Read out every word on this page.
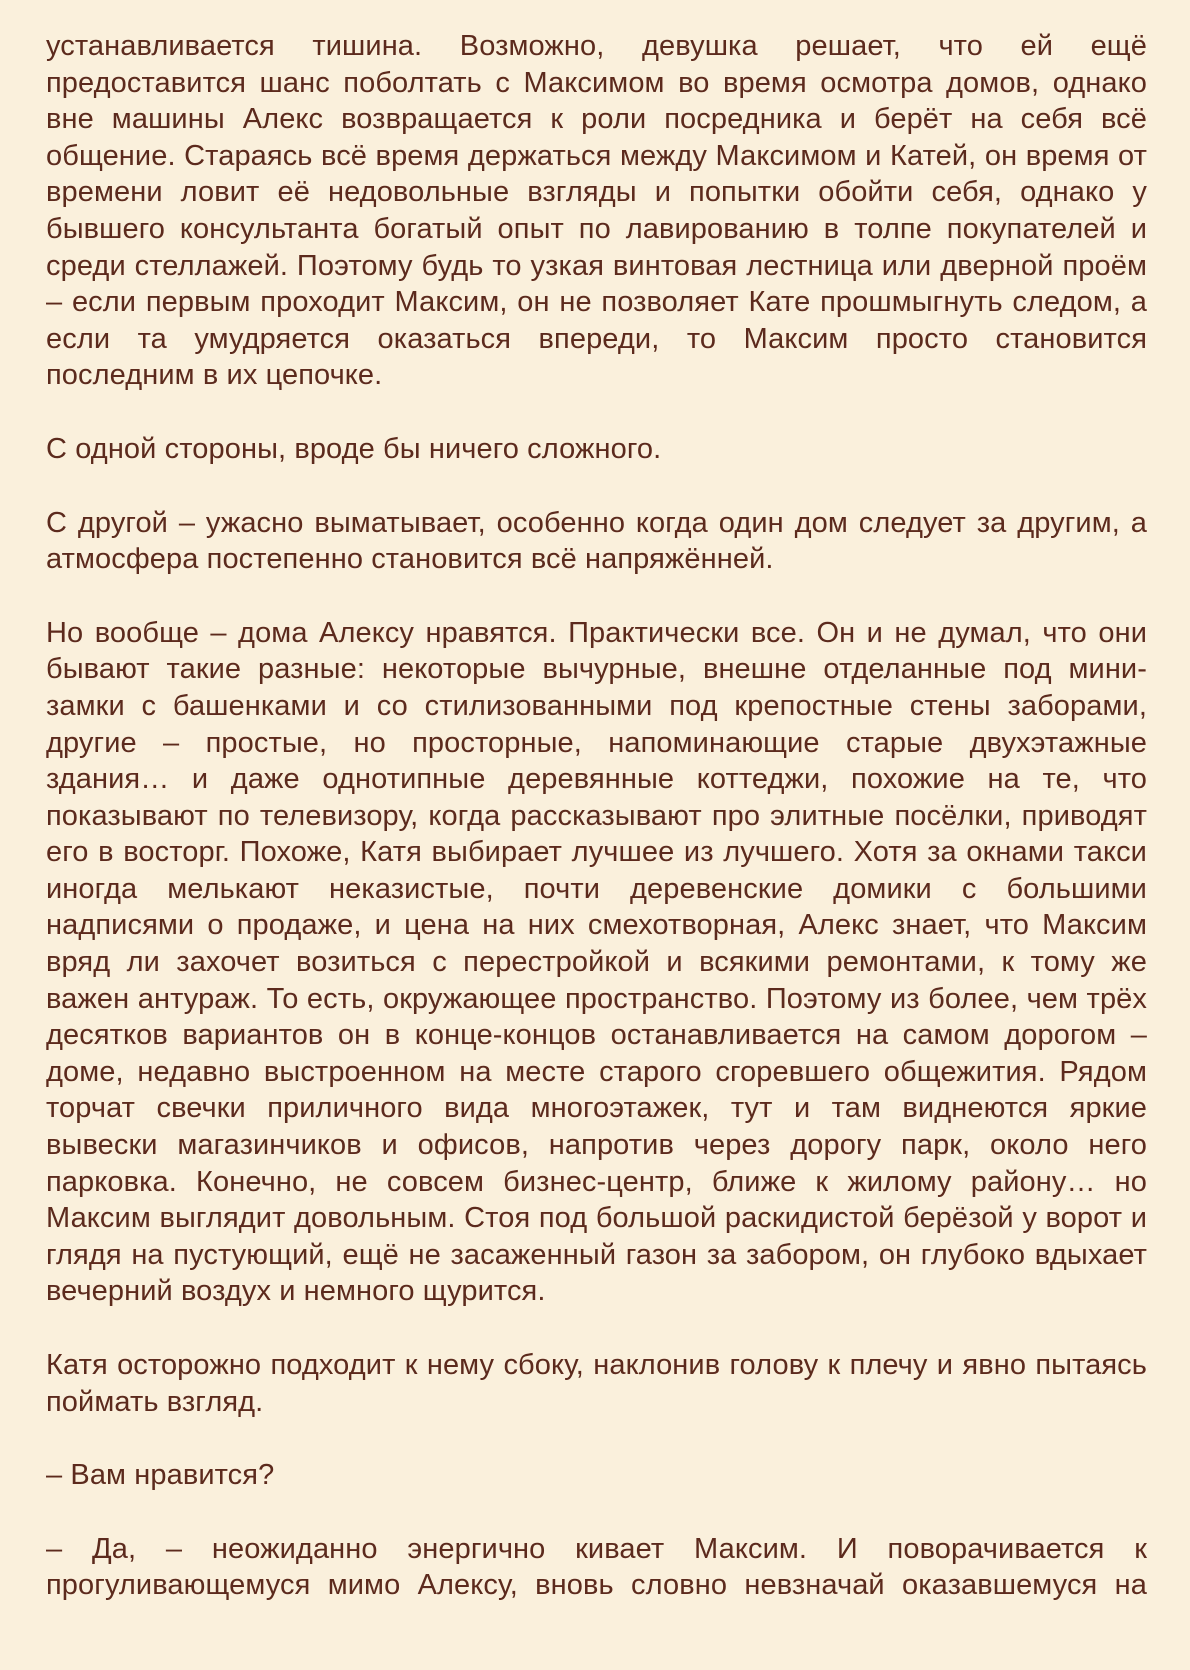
устанавливается тишина. Возможно, девушка решает, что ей ещё предоставится шанс поболтать с Максимом во время осмотра домов, однако вне машины Алекс возвращается к роли посредника и берёт на себя всё общение. Стараясь всё время держаться между Максимом и Катей, он время от времени ловит её недовольные взгляды и попытки обойти себя, однако у бывшего консультанта богатый опыт по лавированию в толпе покупателей и среди стеллажей. Поэтому будь то узкая винтовая лестница или дверной проём – если первым проходит Максим, он не позволяет Кате прошмыгнуть следом, а если та умудряется оказаться впереди, то Максим просто становится последним в их цепочке.

С одной стороны, вроде бы ничего сложного.

С другой – ужасно выматывает, особенно когда один дом следует за другим, а атмосфера постепенно становится всё напряжённей.

Но вообще – дома Алексу нравятся. Практически все. Он и не думал, что они бывают такие разные: некоторые вычурные, внешне отделанные под мини-замки с башенками и со стилизованными под крепостные стены заборами, другие – простые, но просторные, напоминающие старые двухэтажные здания… и даже однотипные деревянные коттеджи, похожие на те, что показывают по телевизору, когда рассказывают про элитные посёлки, приводят его в восторг. Похоже, Катя выбирает лучшее из лучшего. Хотя за окнами такси иногда мелькают неказистые, почти деревенские домики с большими надписями о продаже, и цена на них смехотворная, Алекс знает, что Максим вряд ли захочет возиться с перестройкой и всякими ремонтами, к тому же важен антураж. То есть, окружающее пространство. Поэтому из более, чем трёх десятков вариантов он в конце-концов останавливается на самом дорогом – доме, недавно выстроенном на месте старого сгоревшего общежития. Рядом торчат свечки приличного вида многоэтажек, тут и там виднеются яркие вывески магазинчиков и офисов, напротив через дорогу парк, около него парковка. Конечно, не совсем бизнес-центр, ближе к жилому району… но Максим выглядит довольным. Стоя под большой раскидистой берёзой у ворот и глядя на пустующий, ещё не засаженный газон за забором, он глубоко вдыхает вечерний воздух и немного щурится.

Катя осторожно подходит к нему сбоку, наклонив голову к плечу и явно пытаясь поймать взгляд.

– Вам нравится?

– Да, – неожиданно энергично кивает Максим. И поворачивается к прогуливающемуся мимо Алексу, вновь словно невзначай оказавшемуся на
